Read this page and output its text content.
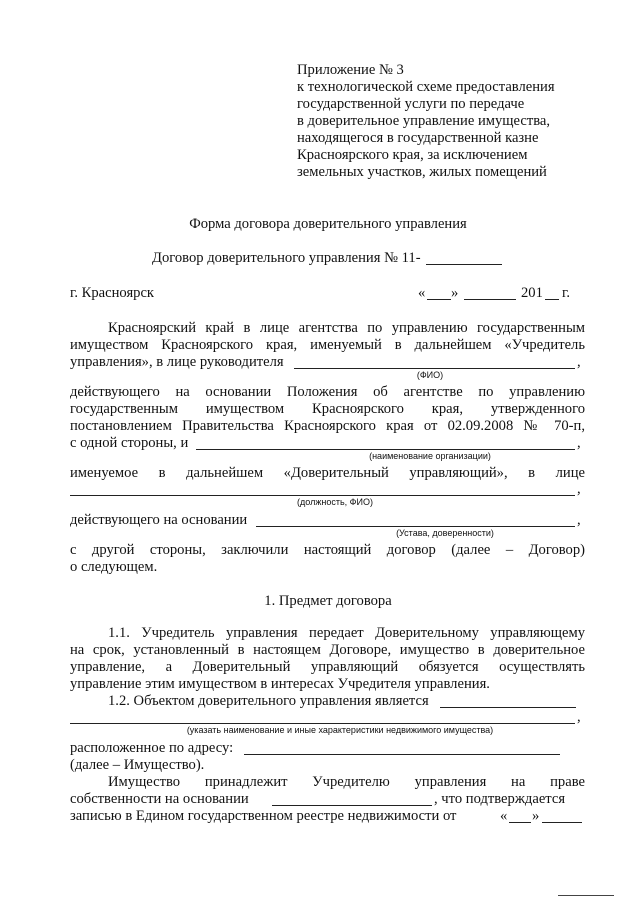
Приложение № 3
к технологической схеме предоставления
государственной услуги по передаче
в доверительное управление имущества,
находящегося в государственной казне
Красноярского края, за исключением
земельных участков, жилых помещений
Форма договора доверительного управления
Договор доверительного управления № 11-
г. Красноярск	« »	201 г.
Красноярский край в лице агентства по управлению государственным
имуществом Красноярского края, именуемый в дальнейшем «Учредитель
управления», в лице руководителя	,
(ФИО)
действующего на основании Положения об агентстве по управлению
государственным имуществом Красноярского края, утвержденного
постановлением Правительства Красноярского края от 02.09.2008 № 70-п,
с одной стороны, и	,
(наименование организации)
именуемое в дальнейшем «Доверительный управляющий», в лице
,
(должность, ФИО)
действующего на основании	,
(Устава, доверенности)
с другой стороны, заключили настоящий договор (далее – Договор)
о следующем.
1. Предмет договора
1.1. Учредитель управления передает Доверительному управляющему
на срок, установленный в настоящем Договоре, имущество в доверительное
управление, а Доверительный управляющий обязуется осуществлять
управление этим имуществом в интересах Учредителя управления.
1.2. Объектом доверительного управления является
,
(указать наименование и иные характеристики недвижимого имущества)
расположенное по адресу:
(далее – Имущество).
Имущество принадлежит Учредителю управления на праве
собственности на основании	, что подтверждается
записью в Едином государственном реестре недвижимости от	« »
